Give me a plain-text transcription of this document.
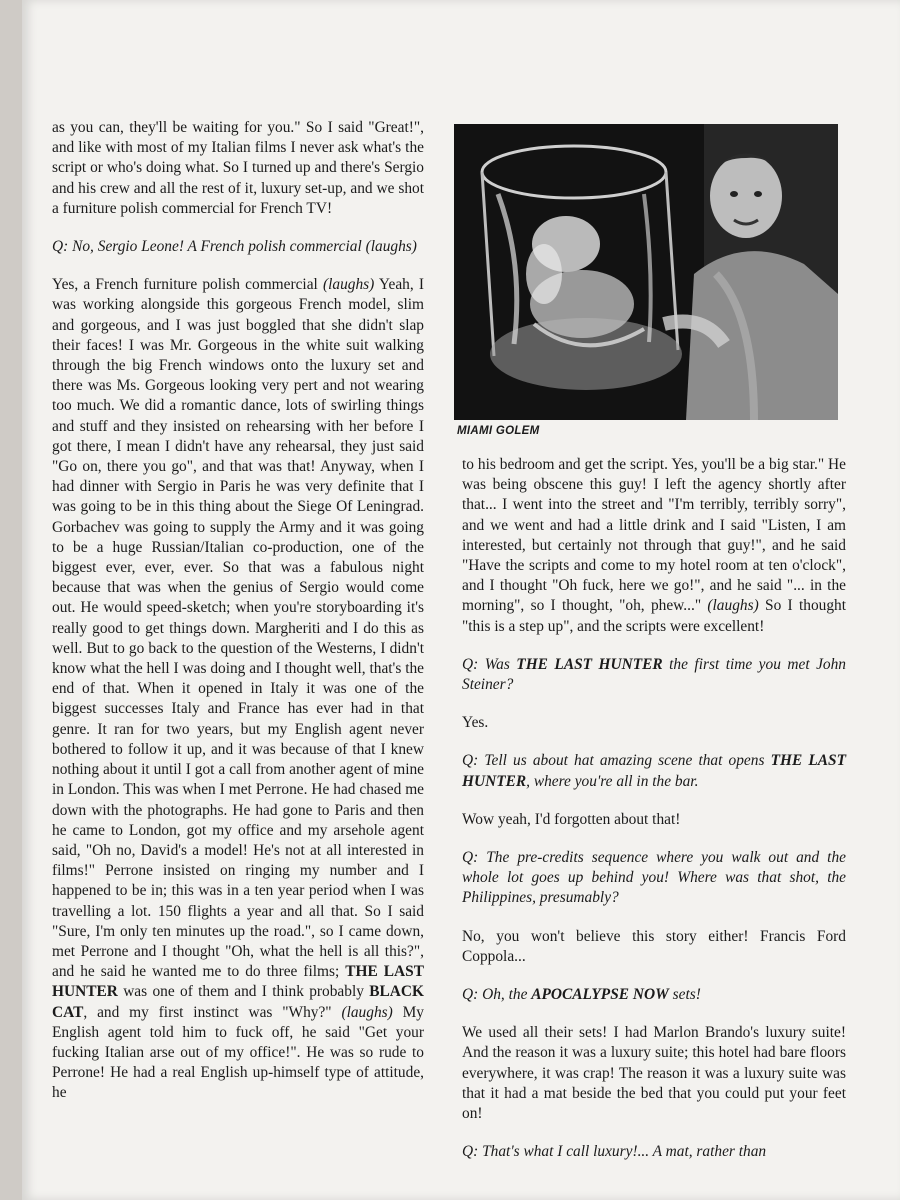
as you can, they'll be waiting for you." So I said "Great!", and like with most of my Italian films I never ask what's the script or who's doing what. So I turned up and there's Sergio and his crew and all the rest of it, luxury set-up, and we shot a furniture polish commercial for French TV!

Q: No, Sergio Leone! A French polish commercial (laughs)

Yes, a French furniture polish commercial (laughs) Yeah, I was working alongside this gorgeous French model, slim and gorgeous, and I was just boggled that she didn't slap their faces! I was Mr. Gorgeous in the white suit walking through the big French windows onto the luxury set and there was Ms. Gorgeous looking very pert and not wearing too much. We did a romantic dance, lots of swirling things and stuff and they insisted on rehearsing with her before I got there, I mean I didn't have any rehearsal, they just said "Go on, there you go", and that was that! Anyway, when I had dinner with Sergio in Paris he was very definite that I was going to be in this thing about the Siege Of Leningrad. Gorbachev was going to supply the Army and it was going to be a huge Russian/Italian co-production, one of the biggest ever, ever, ever. So that was a fabulous night because that was when the genius of Sergio would come out. He would speed-sketch; when you're storyboarding it's really good to get things down. Margheriti and I do this as well. But to go back to the question of the Westerns, I didn't know what the hell I was doing and I thought well, that's the end of that. When it opened in Italy it was one of the biggest successes Italy and France has ever had in that genre. It ran for two years, but my English agent never bothered to follow it up, and it was because of that I knew nothing about it until I got a call from another agent of mine in London. This was when I met Perrone. He had chased me down with the photographs. He had gone to Paris and then he came to London, got my office and my arsehole agent said, "Oh no, David's a model! He's not at all interested in films!" Perrone insisted on ringing my number and I happened to be in; this was in a ten year period when I was travelling a lot. 150 flights a year and all that. So I said "Sure, I'm only ten minutes up the road.", so I came down, met Perrone and I thought "Oh, what the hell is all this?", and he said he wanted me to do three films; THE LAST HUNTER was one of them and I think probably BLACK CAT, and my first instinct was "Why?" (laughs) My English agent told him to fuck off, he said "Get your fucking Italian arse out of my office!". He was so rude to Perrone! He had a real English up-himself type of attitude, he

MIAMI GOLEM

to his bedroom and get the script. Yes, you'll be a big star." He was being obscene this guy! I left the agency shortly after that... I went into the street and "I'm terribly, terribly sorry", and we went and had a little drink and I said "Listen, I am interested, but certainly not through that guy!", and he said "Have the scripts and come to my hotel room at ten o'clock", and I thought "Oh fuck, here we go!", and he said "... in the morning", so I thought, "oh, phew..." (laughs) So I thought "this is a step up", and the scripts were excellent!

Q: Was THE LAST HUNTER the first time you met John Steiner?

Yes.

Q: Tell us about hat amazing scene that opens THE LAST HUNTER, where you're all in the bar.

Wow yeah, I'd forgotten about that!

Q: The pre-credits sequence where you walk out and the whole lot goes up behind you! Where was that shot, the Philippines, presumably?

No, you won't believe this story either! Francis Ford Coppola...

Q: Oh, the APOCALYPSE NOW sets!

We used all their sets! I had Marlon Brando's luxury suite! And the reason it was a luxury suite; this hotel had bare floors everywhere, it was crap! The reason it was a luxury suite was that it had a mat beside the bed that you could put your feet on!

Q: That's what I call luxury!... A mat, rather than
